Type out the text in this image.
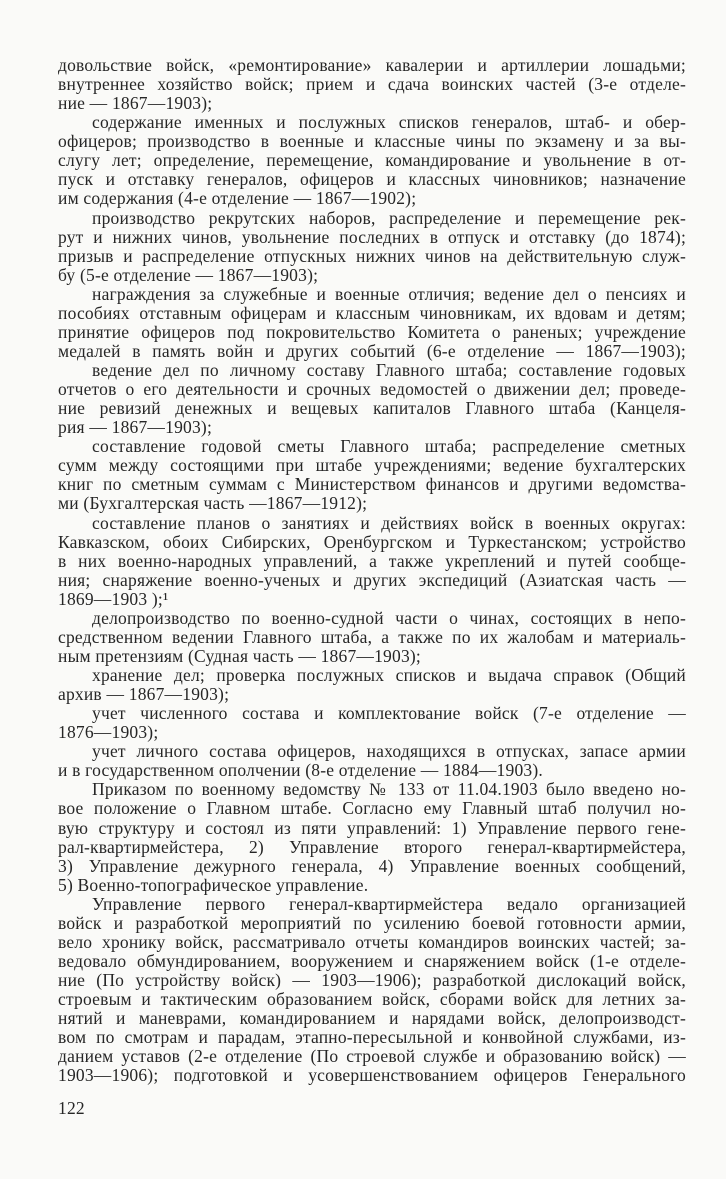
довольствие войск, «ремонтирование» кавалерии и артиллерии лошадьми;
внутреннее хозяйство войск; прием и сдача воинских частей (3-е отделе-
ние — 1867—1903);
содержание именных и послужных списков генералов, штаб- и обер-
офицеров; производство в военные и классные чины по экзамену и за вы-
слугу лет; определение, перемещение, командирование и увольнение в от-
пуск и отставку генералов, офицеров и классных чиновников; назначение
им содержания (4-е отделение — 1867—1902);
производство рекрутских наборов, распределение и перемещение рек-
рут и нижних чинов, увольнение последних в отпуск и отставку (до 1874);
призыв и распределение отпускных нижних чинов на действительную служ-
бу (5-е отделение — 1867—1903);
награждения за служебные и военные отличия; ведение дел о пенсиях и
пособиях отставным офицерам и классным чиновникам, их вдовам и детям;
принятие офицеров под покровительство Комитета о раненых; учреждение
медалей в память войн и других событий (6-е отделение — 1867—1903);
ведение дел по личному составу Главного штаба; составление годовых
отчетов о его деятельности и срочных ведомостей о движении дел; проведе-
ние ревизий денежных и вещевых капиталов Главного штаба (Канцеля-
рия — 1867—1903);
составление годовой сметы Главного штаба; распределение сметных
сумм между состоящими при штабе учреждениями; ведение бухгалтерских
книг по сметным суммам с Министерством финансов и другими ведомства-
ми (Бухгалтерская часть —1867—1912);
составление планов о занятиях и действиях войск в военных округах:
Кавказском, обоих Сибирских, Оренбургском и Туркестанском; устройство
в них военно-народных управлений, а также укреплений и путей сообще-
ния; снаряжение военно-ученых и других экспедиций (Азиатская часть —
1869—1903 );¹
делопроизводство по военно-судной части о чинах, состоящих в непо-
средственном ведении Главного штаба, а также по их жалобам и материаль-
ным претензиям (Судная часть — 1867—1903);
хранение дел; проверка послужных списков и выдача справок (Общий
архив — 1867—1903);
учет численного состава и комплектование войск (7-е отделение —
1876—1903);
учет личного состава офицеров, находящихся в отпусках, запасе армии
и в государственном ополчении (8-е отделение — 1884—1903).
Приказом по военному ведомству № 133 от 11.04.1903 было введено но-
вое положение о Главном штабе. Согласно ему Главный штаб получил но-
вую структуру и состоял из пяти управлений: 1) Управление первого гене-
рал-квартирмейстера, 2) Управление второго генерал-квартирмейстера,
3) Управление дежурного генерала, 4) Управление военных сообщений,
5) Военно-топографическое управление.
Управление первого генерал-квартирмейстера ведало организацией
войск и разработкой мероприятий по усилению боевой готовности армии,
вело хронику войск, рассматривало отчеты командиров воинских частей; за-
ведовало обмундированием, вооружением и снаряжением войск (1-е отделе-
ние (По устройству войск) — 1903—1906); разработкой дислокаций войск,
строевым и тактическим образованием войск, сборами войск для летних за-
нятий и маневрами, командированием и нарядами войск, делопроизводст-
вом по смотрам и парадам, этапно-пересыльной и конвойной службами, из-
данием уставов (2-е отделение (По строевой службе и образованию войск) —
1903—1906); подготовкой и усовершенствованием офицеров Генерального
122
